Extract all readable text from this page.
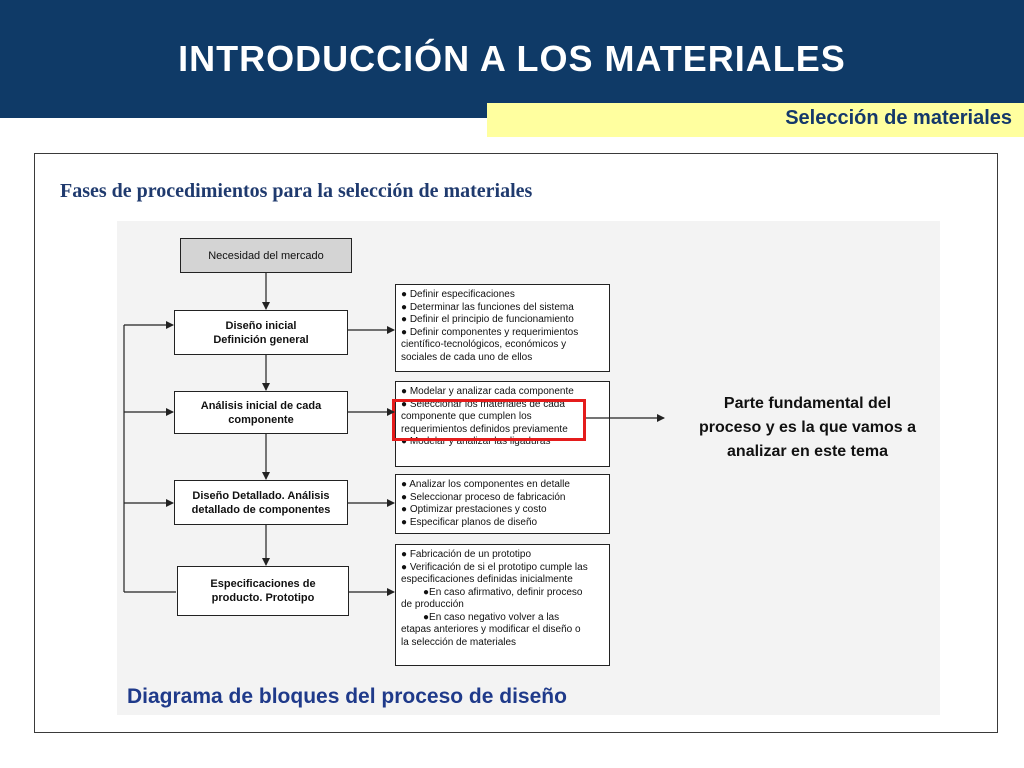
INTRODUCCIÓN A LOS MATERIALES
Selección de materiales
Fases de procedimientos para la selección de materiales
Necesidad del mercado
Diseño inicial
Definición general
Análisis inicial de cada
componente
Diseño Detallado. Análisis
detallado de componentes
Especificaciones de
producto. Prototipo
● Definir especificaciones
● Determinar las funciones del sistema
● Definir el principio de funcionamiento
● Definir componentes y requerimientos
científico-tecnológicos, económicos y
sociales de cada uno de ellos
● Modelar y analizar cada componente
● Seleccionar los materiales de cada
componente que cumplen los
requerimientos definidos previamente
● Modelar y analizar las ligaduras
● Analizar los componentes en detalle
● Seleccionar proceso de fabricación
● Optimizar prestaciones y costo
● Especificar planos de diseño
● Fabricación de un prototipo
● Verificación de si el prototipo cumple las
especificaciones definidas inicialmente
●En caso afirmativo, definir proceso
de producción
●En caso negativo volver a las
etapas anteriores y modificar el diseño o
la selección de materiales
Parte fundamental del
proceso y es la que vamos a
analizar en este tema
Diagrama de bloques del proceso de diseño
